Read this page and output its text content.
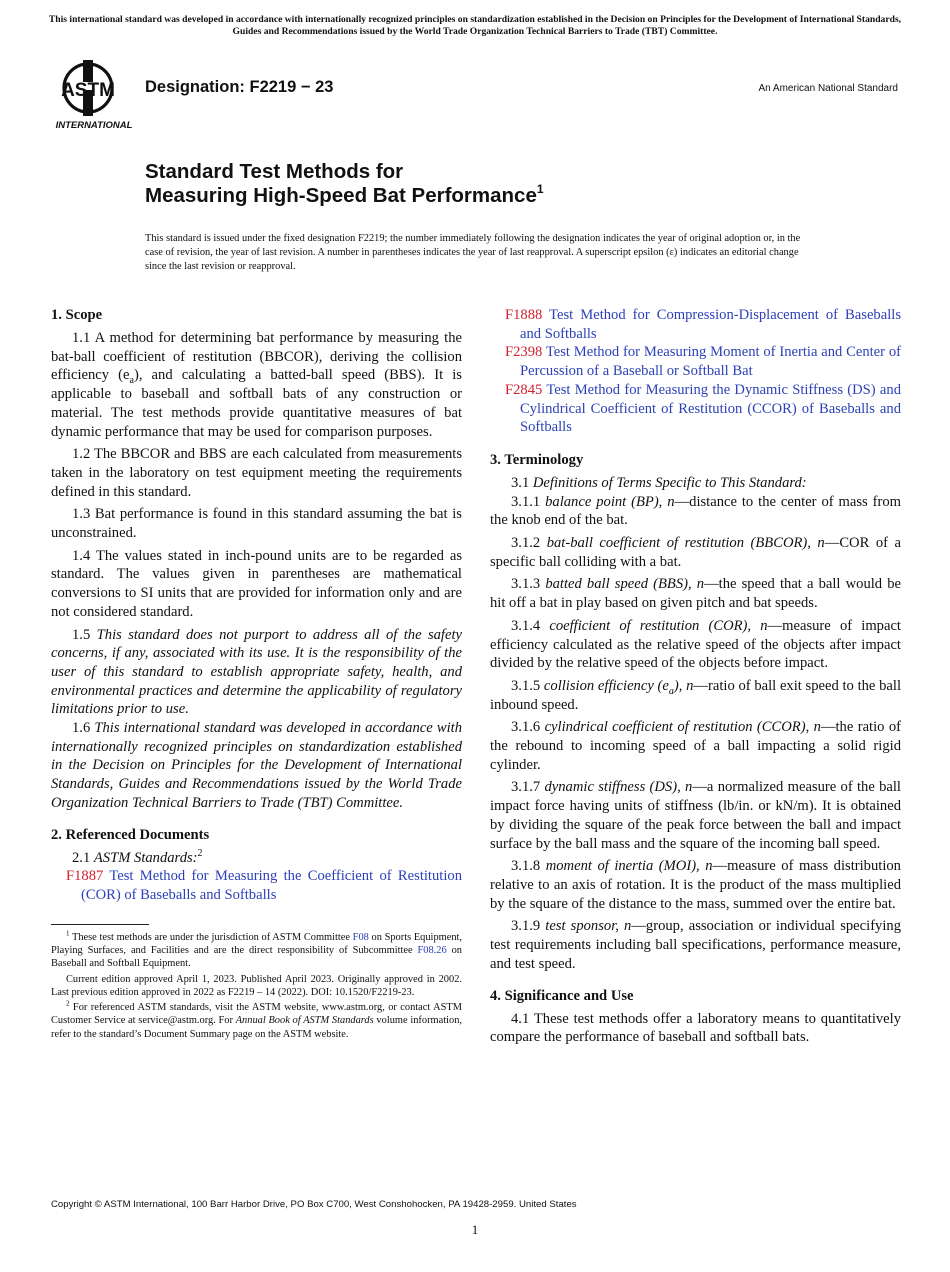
This international standard was developed in accordance with internationally recognized principles on standardization established in the Decision on Principles for the Development of International Standards, Guides and Recommendations issued by the World Trade Organization Technical Barriers to Trade (TBT) Committee.
ASTM
INTERNATIONAL
Designation: F2219 − 23	An American National Standard
Standard Test Methods for
Measuring High-Speed Bat Performance$^1$
This standard is issued under the fixed designation F2219; the number immediately following the designation indicates the year of original adoption or, in the case of revision, the year of last revision. A number in parentheses indicates the year of last reapproval. A superscript epsilon (ε) indicates an editorial change since the last revision or reapproval.
1. Scope

1.1 A method for determining bat performance by measuring the bat-ball coefficient of restitution (BBCOR), deriving the collision efficiency $(e_a)$, and calculating a batted-ball speed (BBS). It is applicable to baseball and softball bats of any construction or material. The test methods provide quantitative measures of bat dynamic performance that may be used for comparison purposes.

1.2 The BBCOR and BBS are each calculated from measurements taken in the laboratory on test equipment meeting the requirements defined in this standard.

1.3 Bat performance is found in this standard assuming the bat is unconstrained.

1.4 The values stated in inch-pound units are to be regarded as standard. The values given in parentheses are mathematical conversions to SI units that are provided for information only and are not considered standard.

1.5 This standard does not purport to address all of the safety concerns, if any, associated with its use. It is the responsibility of the user of this standard to establish appropriate safety, health, and environmental practices and determine the applicability of regulatory limitations prior to use.

1.6 This international standard was developed in accordance with internationally recognized principles on standardization established in the Decision on Principles for the Development of International Standards, Guides and Recommendations issued by the World Trade Organization Technical Barriers to Trade (TBT) Committee.

2. Referenced Documents

2.1 ASTM Standards:$^2$

F1887 Test Method for Measuring the Coefficient of Restitution (COR) of Baseballs and Softballs

$^1$ These test methods are under the jurisdiction of ASTM Committee F08 on Sports Equipment, Playing Surfaces, and Facilities and are the direct responsibility of Subcommittee F08.26 on Baseball and Softball Equipment.

Current edition approved April 1, 2023. Published April 2023. Originally approved in 2002. Last previous edition approved in 2022 as F2219 – 14 (2022). DOI: 10.1520/F2219-23.

$^2$ For referenced ASTM standards, visit the ASTM website, www.astm.org, or contact ASTM Customer Service at service@astm.org. For Annual Book of ASTM Standards volume information, refer to the standard’s Document Summary page on the ASTM website.

F1888 Test Method for Compression-Displacement of Baseballs and Softballs
F2398 Test Method for Measuring Moment of Inertia and Center of Percussion of a Baseball or Softball Bat
F2845 Test Method for Measuring the Dynamic Stiffness (DS) and Cylindrical Coefficient of Restitution (CCOR) of Baseballs and Softballs
3. Terminology

3.1 Definitions of Terms Specific to This Standard:

3.1.1 balance point (BP), n—distance to the center of mass from the knob end of the bat.

3.1.2 bat-ball coefficient of restitution (BBCOR), n—COR of a specific ball colliding with a bat.

3.1.3 batted ball speed (BBS), n—the speed that a ball would be hit off a bat in play based on given pitch and bat speeds.

3.1.4 coefficient of restitution (COR), n—measure of impact efficiency calculated as the relative speed of the objects after impact divided by the relative speed of the objects before impact.

3.1.5 collision efficiency $(e_a)$, n—ratio of ball exit speed to the ball inbound speed.

3.1.6 cylindrical coefficient of restitution (CCOR), n—the ratio of the rebound to incoming speed of a ball impacting a solid rigid cylinder.

3.1.7 dynamic stiffness (DS), n—a normalized measure of the ball impact force having units of stiffness (lb/in. or kN/m). It is obtained by dividing the square of the peak force between the ball and impact surface by the ball mass and the square of the incoming ball speed.

3.1.8 moment of inertia (MOI), n—measure of mass distribution relative to an axis of rotation. It is the product of the mass multiplied by the square of the distance to the mass, summed over the entire bat.

3.1.9 test sponsor, n—group, association or individual specifying test requirements including ball specifications, performance measure, and test speed.

4. Significance and Use

4.1 These test methods offer a laboratory means to quantitatively compare the performance of baseball and softball bats.

Copyright © ASTM International, 100 Barr Harbor Drive, PO Box C700, West Conshohocken, PA 19428-2959. United States
1
